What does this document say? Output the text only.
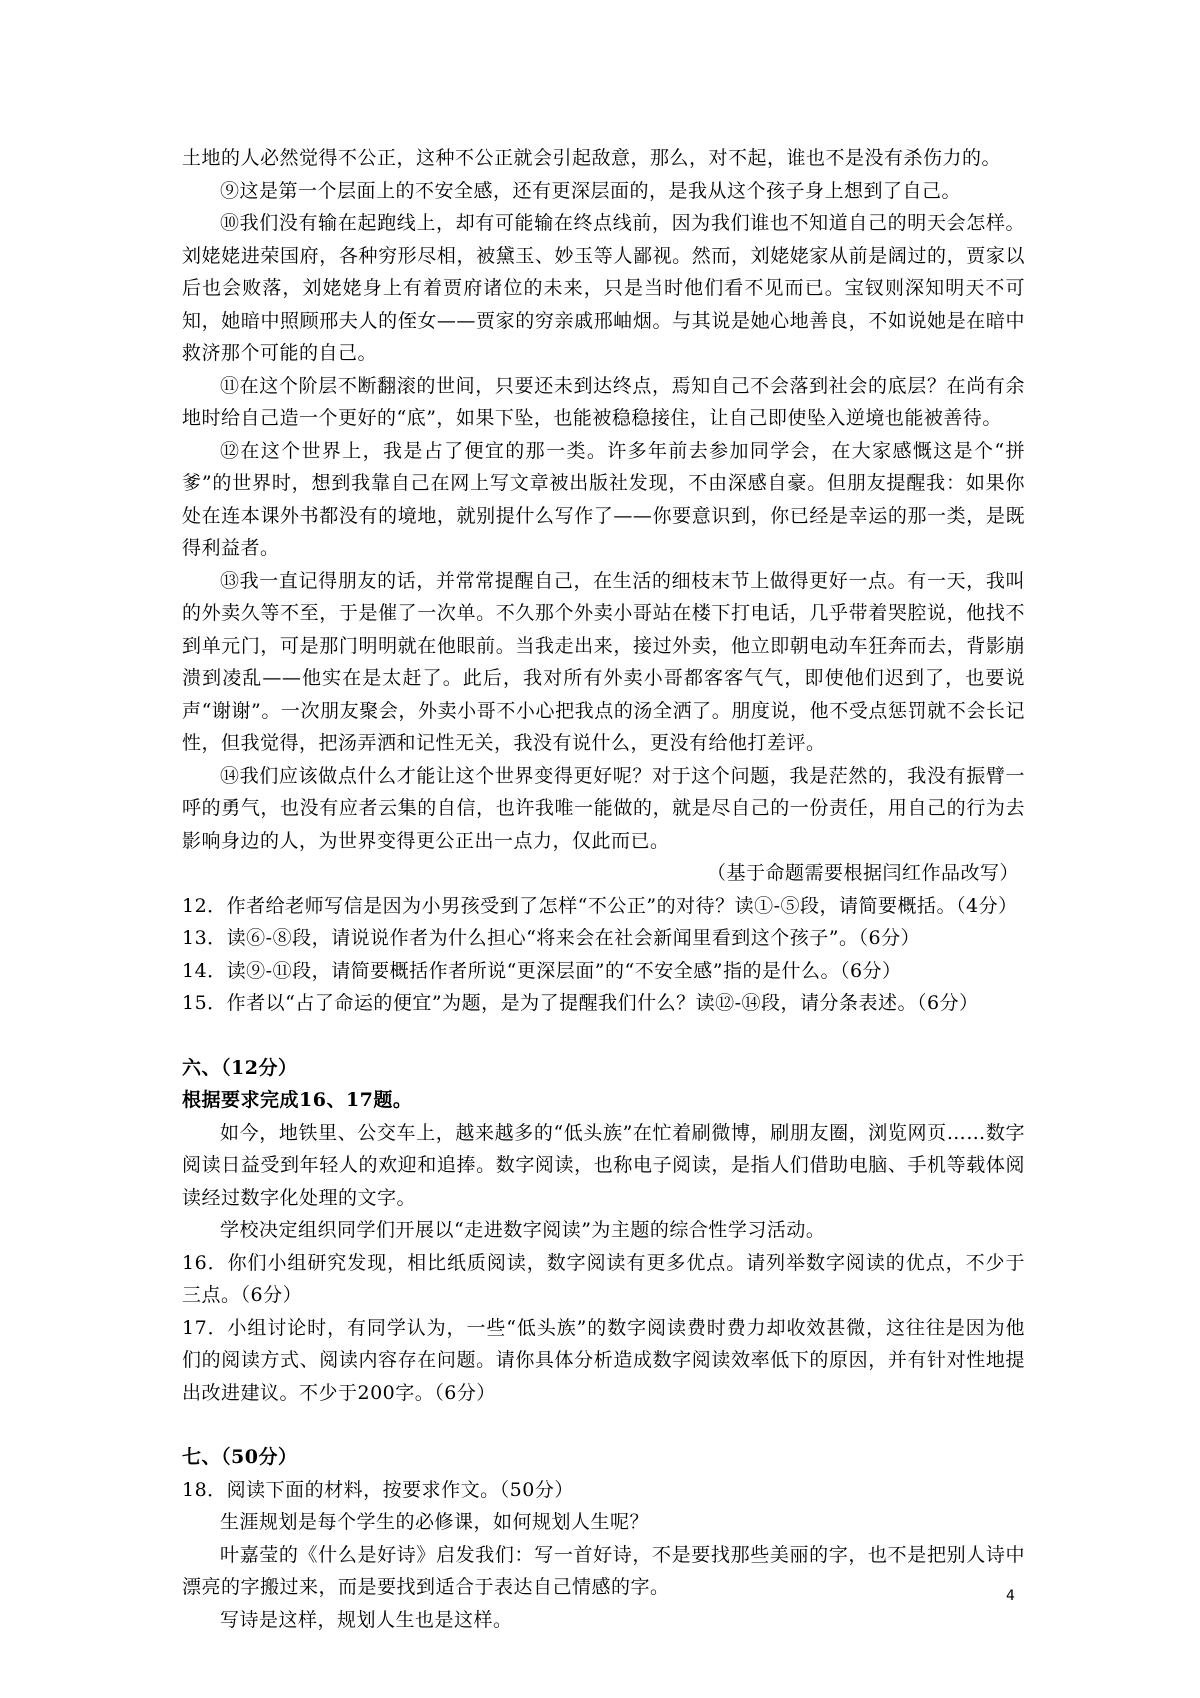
土地的人必然觉得不公正，这种不公正就会引起敌意，那么，对不起，谁也不是没有杀伤力的。

⑨这是第一个层面上的不安全感，还有更深层面的，是我从这个孩子身上想到了自己。

⑩我们没有输在起跑线上，却有可能输在终点线前，因为我们谁也不知道自己的明天会怎样。刘姥姥进荣国府，各种穷形尽相，被黛玉、妙玉等人鄙视。然而，刘姥姥家从前是阔过的，贾家以后也会败落，刘姥姥身上有着贾府诸位的未来，只是当时他们看不见而已。宝钗则深知明天不可知，她暗中照顾邢夫人的侄女——贾家的穷亲戚邢岫烟。与其说是她心地善良，不如说她是在暗中救济那个可能的自己。

⑪在这个阶层不断翻滚的世间，只要还未到达终点，焉知自己不会落到社会的底层？在尚有余地时给自己造一个更好的“底”，如果下坠，也能被稳稳接住，让自己即使坠入逆境也能被善待。

⑫在这个世界上，我是占了便宜的那一类。许多年前去参加同学会，在大家感慨这是个“拼爹”的世界时，想到我靠自己在网上写文章被出版社发现，不由深感自豪。但朋友提醒我：如果你处在连本课外书都没有的境地，就别提什么写作了——你要意识到，你已经是幸运的那一类，是既得利益者。

⑬我一直记得朋友的话，并常常提醒自己，在生活的细枝末节上做得更好一点。有一天，我叫的外卖久等不至，于是催了一次单。不久那个外卖小哥站在楼下打电话，几乎带着哭腔说，他找不到单元门，可是那门明明就在他眼前。当我走出来，接过外卖，他立即朝电动车狂奔而去，背影崩溃到凌乱——他实在是太赶了。此后，我对所有外卖小哥都客客气气，即使他们迟到了，也要说声“谢谢”。一次朋友聚会，外卖小哥不小心把我点的汤全洒了。朋度说，他不受点惩罚就不会长记性，但我觉得，把汤弄洒和记性无关，我没有说什么，更没有给他打差评。

⑭我们应该做点什么才能让这个世界变得更好呢？对于这个问题，我是茫然的，我没有振臂一呼的勇气，也没有应者云集的自信，也许我唯一能做的，就是尽自己的一份责任，用自己的行为去影响身边的人，为世界变得更公正出一点力，仅此而已。

（基于命题需要根据闫红作品改写）

12．作者给老师写信是因为小男孩受到了怎样“不公正”的对待？读①-⑤段，请简要概括。（4分）

13．读⑥-⑧段，请说说作者为什么担心“将来会在社会新闻里看到这个孩子”。（6分）

14．读⑨-⑪段，请简要概括作者所说“更深层面”的“不安全感”指的是什么。（6分）

15．作者以“占了命运的便宜”为题，是为了提醒我们什么？读⑫-⑭段，请分条表述。（6分）

六、（12分）

根据要求完成16、17题。

如今，地铁里、公交车上，越来越多的“低头族”在忙着刷微博，刷朋友圈，浏览网页……数字阅读日益受到年轻人的欢迎和追捧。数字阅读，也称电子阅读，是指人们借助电脑、手机等载体阅读经过数字化处理的文字。

学校决定组织同学们开展以“走进数字阅读”为主题的综合性学习活动。

16．你们小组研究发现，相比纸质阅读，数字阅读有更多优点。请列举数字阅读的优点，不少于三点。（6分）

17．小组讨论时，有同学认为，一些“低头族”的数字阅读费时费力却收效甚微，这往往是因为他们的阅读方式、阅读内容存在问题。请你具体分析造成数字阅读效率低下的原因，并有针对性地提出改进建议。不少于200字。（6分）

七、（50分）

18．阅读下面的材料，按要求作文。（50分）

生涯规划是每个学生的必修课，如何规划人生呢？

叶嘉莹的《什么是好诗》启发我们：写一首好诗，不是要找那些美丽的字，也不是把别人诗中漂亮的字搬过来，而是要找到适合于表达自己情感的字。

写诗是这样，规划人生也是这样。

4
